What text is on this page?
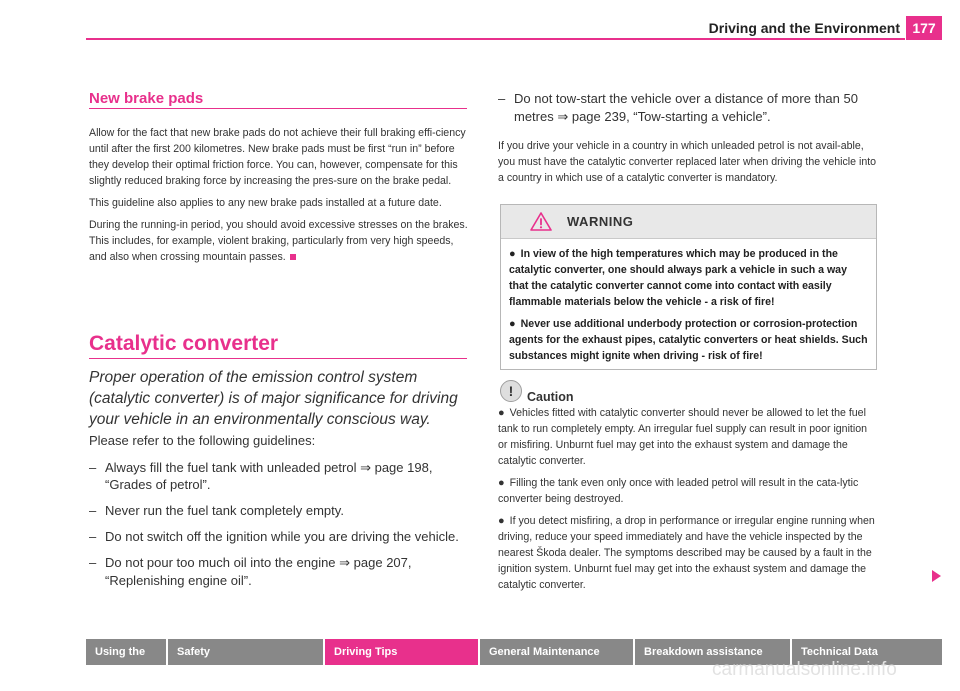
Driving and the Environment 177
New brake pads

Allow for the fact that new brake pads do not achieve their full braking effi-ciency until after the first 200 kilometres. New brake pads must be first “run in” before they develop their optimal friction force. You can, however, compensate for this slightly reduced braking force by increasing the pres-sure on the brake pedal.

This guideline also applies to any new brake pads installed at a future date.

During the running-in period, you should avoid excessive stresses on the brakes. This includes, for example, violent braking, particularly from very high speeds, and also when crossing mountain passes.

Catalytic converter
Proper operation of the emission control system (catalytic converter) is of major significance for driving your vehicle in an environmentally conscious way.
Please refer to the following guidelines:
– Always fill the fuel tank with unleaded petrol ⇒ page 198, “Grades of petrol”.
– Never run the fuel tank completely empty.
– Do not switch off the ignition while you are driving the vehicle.
– Do not pour too much oil into the engine ⇒ page 207, “Replenishing engine oil”.
– Do not tow-start the vehicle over a distance of more than 50 metres ⇒ page 239, “Tow-starting a vehicle”.
If you drive your vehicle in a country in which unleaded petrol is not avail-able, you must have the catalytic converter replaced later when driving the vehicle into a country in which use of a catalytic converter is mandatory.
WARNING

● In view of the high temperatures which may be produced in the catalytic converter, one should always park a vehicle in such a way that the catalytic converter cannot come into contact with easily flammable materials below the vehicle - a risk of fire!

● Never use additional underbody protection or corrosion-protection agents for the exhaust pipes, catalytic converters or heat shields. Such substances might ignite when driving - risk of fire!

!	Caution

● Vehicles fitted with catalytic converter should never be allowed to let the fuel tank to run completely empty. An irregular fuel supply can result in poor ignition or misfiring. Unburnt fuel may get into the exhaust system and damage the catalytic converter.

● Filling the tank even only once with leaded petrol will result in the cata-lytic converter being destroyed.

● If you detect misfiring, a drop in performance or irregular engine running when driving, reduce your speed immediately and have the vehicle inspected by the nearest Škoda dealer. The symptoms described may be caused by a fault in the ignition system. Unburnt fuel may get into the exhaust system and damage the catalytic converter.

Using the system
Safety	Driving Tips	General Maintenance	Breakdown assistance	Technical Data
carmanualsonline.info
